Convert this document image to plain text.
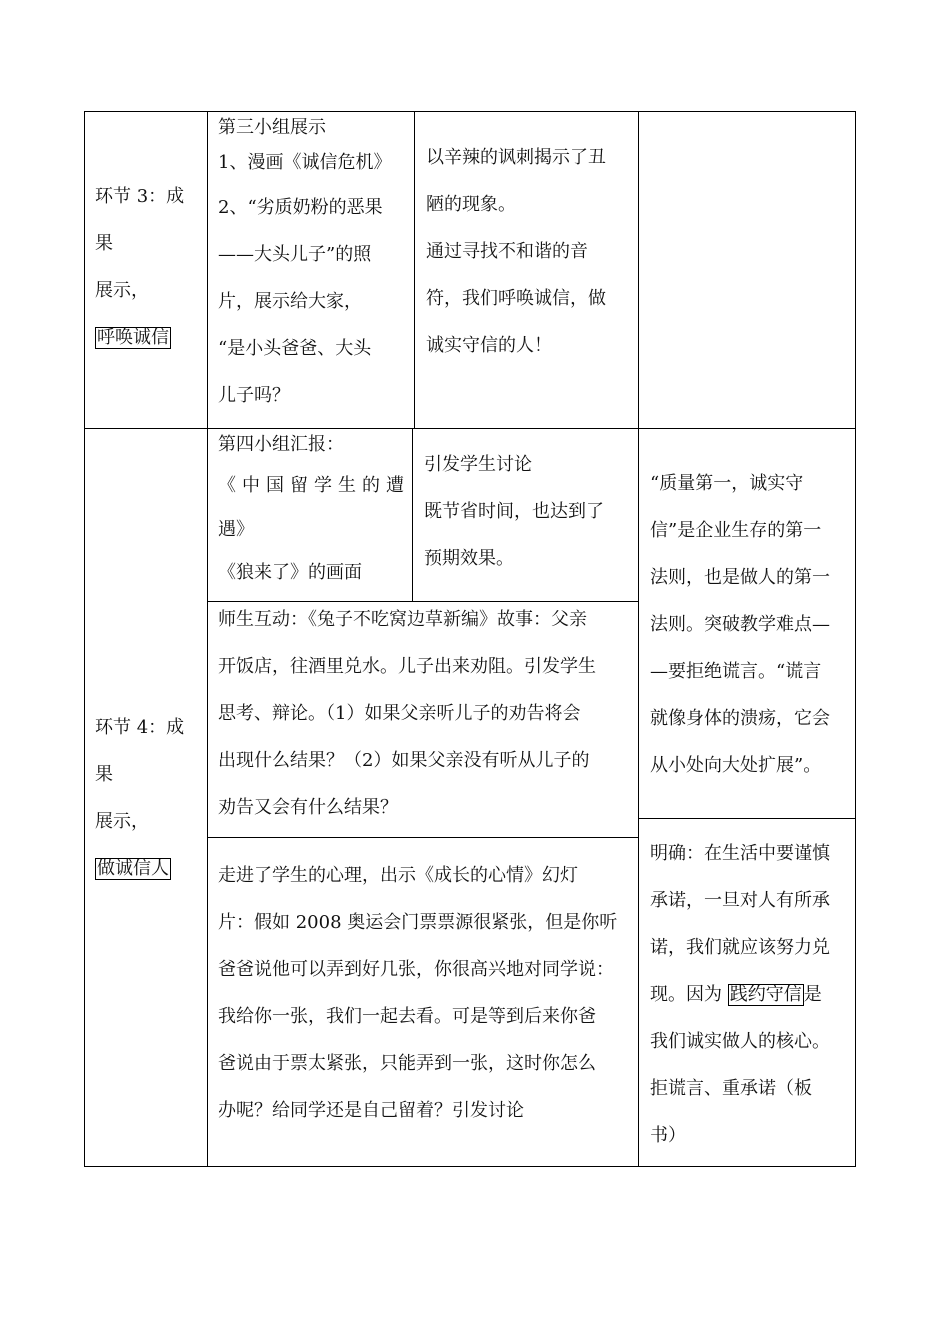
环节 3：成
果
展示，
呼唤诚信
第三小组展示
1、漫画《诚信危机》
2、“劣质奶粉的恶果
——大头儿子”的照
片，展示给大家，
“是小头爸爸、大头
儿子吗？
以辛辣的讽刺揭示了丑
陋的现象。
通过寻找不和谐的音
符，我们呼唤诚信，做
诚实守信的人！
环节 4：成
果
展示，
做诚信人
第四小组汇报：
《中国留学生的遭
遇》
《狼来了》的画面
引发学生讨论
既节省时间，也达到了
预期效果。
师生互动：《兔子不吃窝边草新编》故事：父亲
开饭店，往酒里兑水。儿子出来劝阻。引发学生
思考、辩论。（1）如果父亲听儿子的劝告将会
出现什么结果？（2）如果父亲没有听从儿子的
劝告又会有什么结果？
“质量第一，诚实守
信”是企业生存的第一
法则，也是做人的第一
法则。突破教学难点—
—要拒绝谎言。“谎言
就像身体的溃疡，它会
从小处向大处扩展”。
走进了学生的心理，出示《成长的心情》幻灯
片：假如 2008 奥运会门票票源很紧张，但是你听
爸爸说他可以弄到好几张，你很高兴地对同学说：
我给你一张，我们一起去看。可是等到后来你爸
爸说由于票太紧张，只能弄到一张，这时你怎么
办呢？给同学还是自己留着？引发讨论
明确：在生活中要谨慎
承诺，一旦对人有所承
诺，我们就应该努力兑
现。因为 践约守信 是
我们诚实做人的核心。
拒谎言、重承诺（板
书）
